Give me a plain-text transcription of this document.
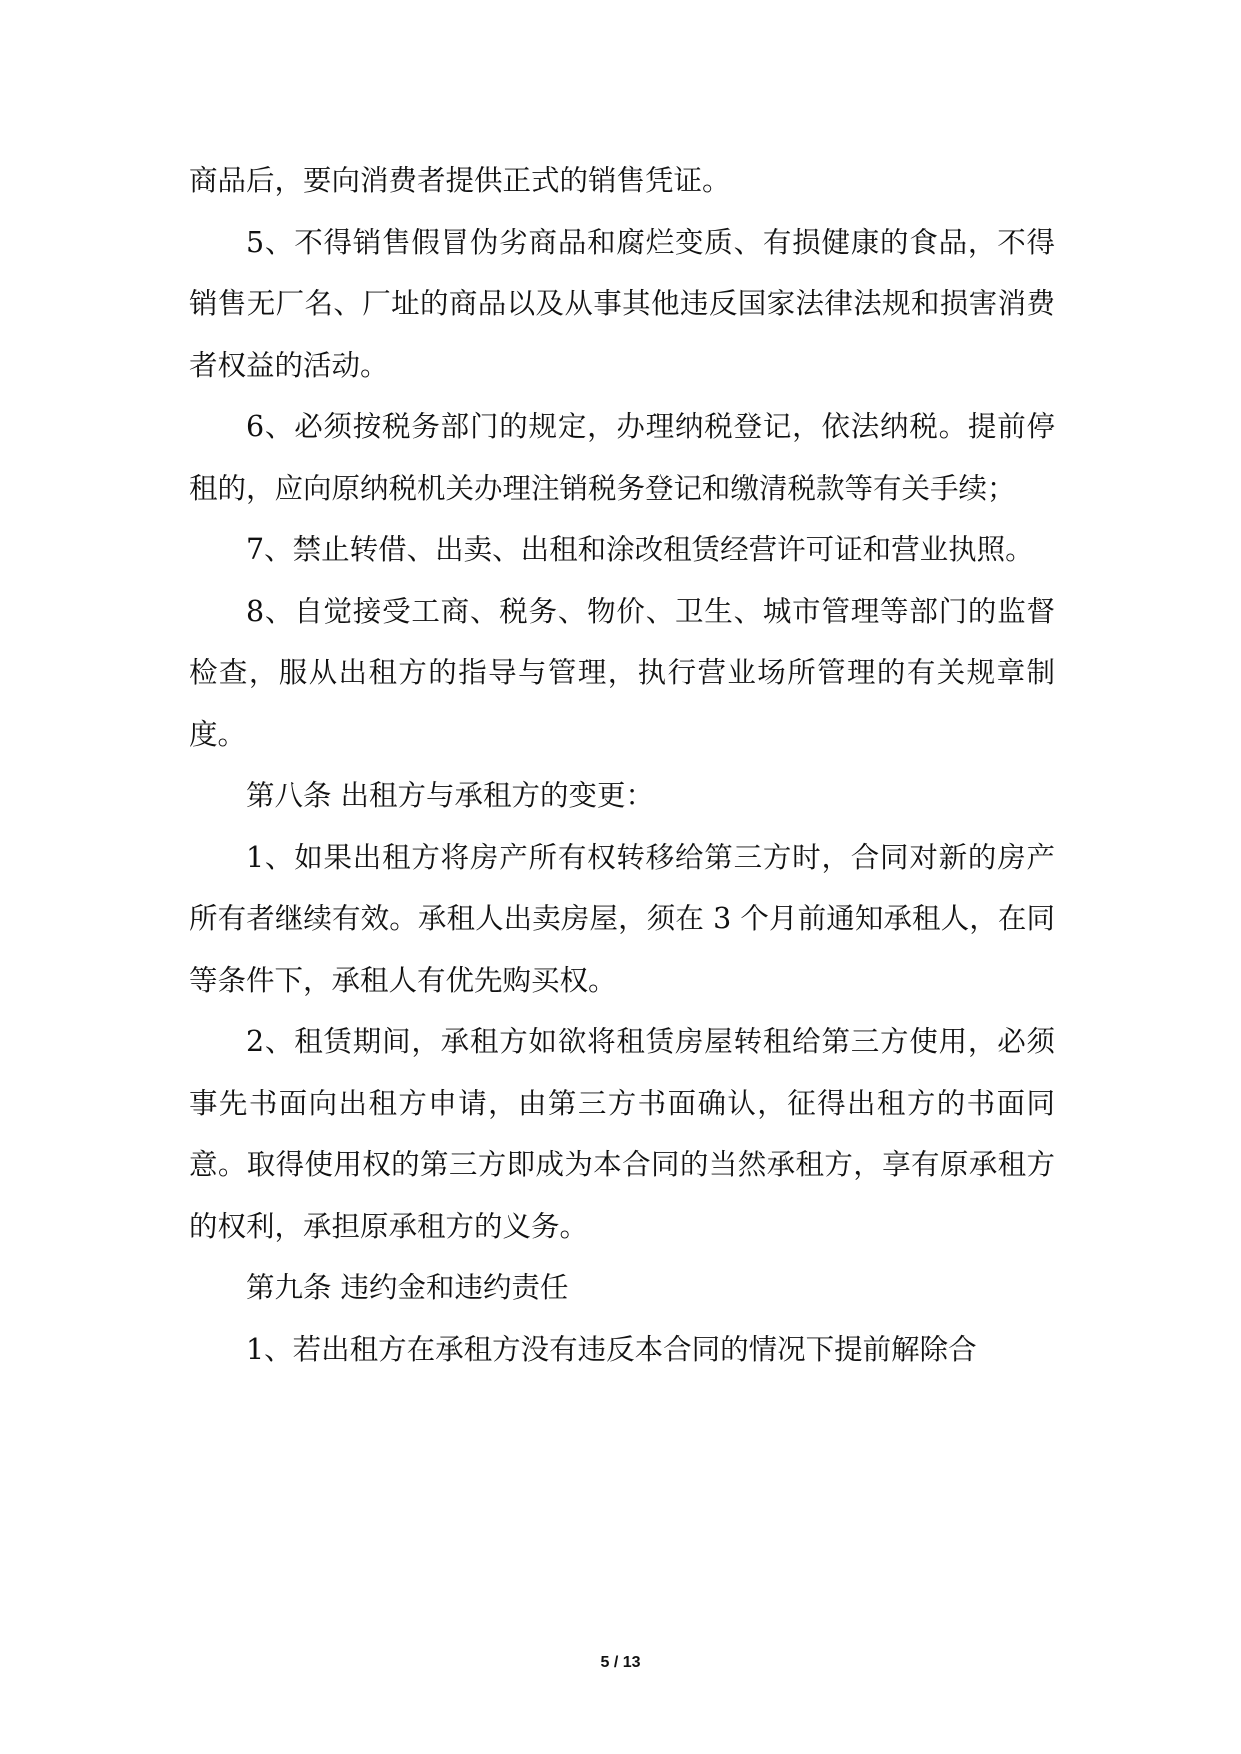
商品后，要向消费者提供正式的销售凭证。

5、不得销售假冒伪劣商品和腐烂变质、有损健康的食品，不得销售无厂名、厂址的商品以及从事其他违反国家法律法规和损害消费者权益的活动。

6、必须按税务部门的规定，办理纳税登记，依法纳税。提前停租的，应向原纳税机关办理注销税务登记和缴清税款等有关手续；

7、禁止转借、出卖、出租和涂改租赁经营许可证和营业执照。

8、自觉接受工商、税务、物价、卫生、城市管理等部门的监督检查，服从出租方的指导与管理，执行营业场所管理的有关规章制度。

第八条 出租方与承租方的变更：

1、如果出租方将房产所有权转移给第三方时，合同对新的房产所有者继续有效。承租人出卖房屋，须在 3 个月前通知承租人，在同等条件下，承租人有优先购买权。

2、租赁期间，承租方如欲将租赁房屋转租给第三方使用，必须事先书面向出租方申请，由第三方书面确认，征得出租方的书面同意。取得使用权的第三方即成为本合同的当然承租方，享有原承租方的权利，承担原承租方的义务。

第九条 违约金和违约责任

1、若出租方在承租方没有违反本合同的情况下提前解除合

5 / 13
